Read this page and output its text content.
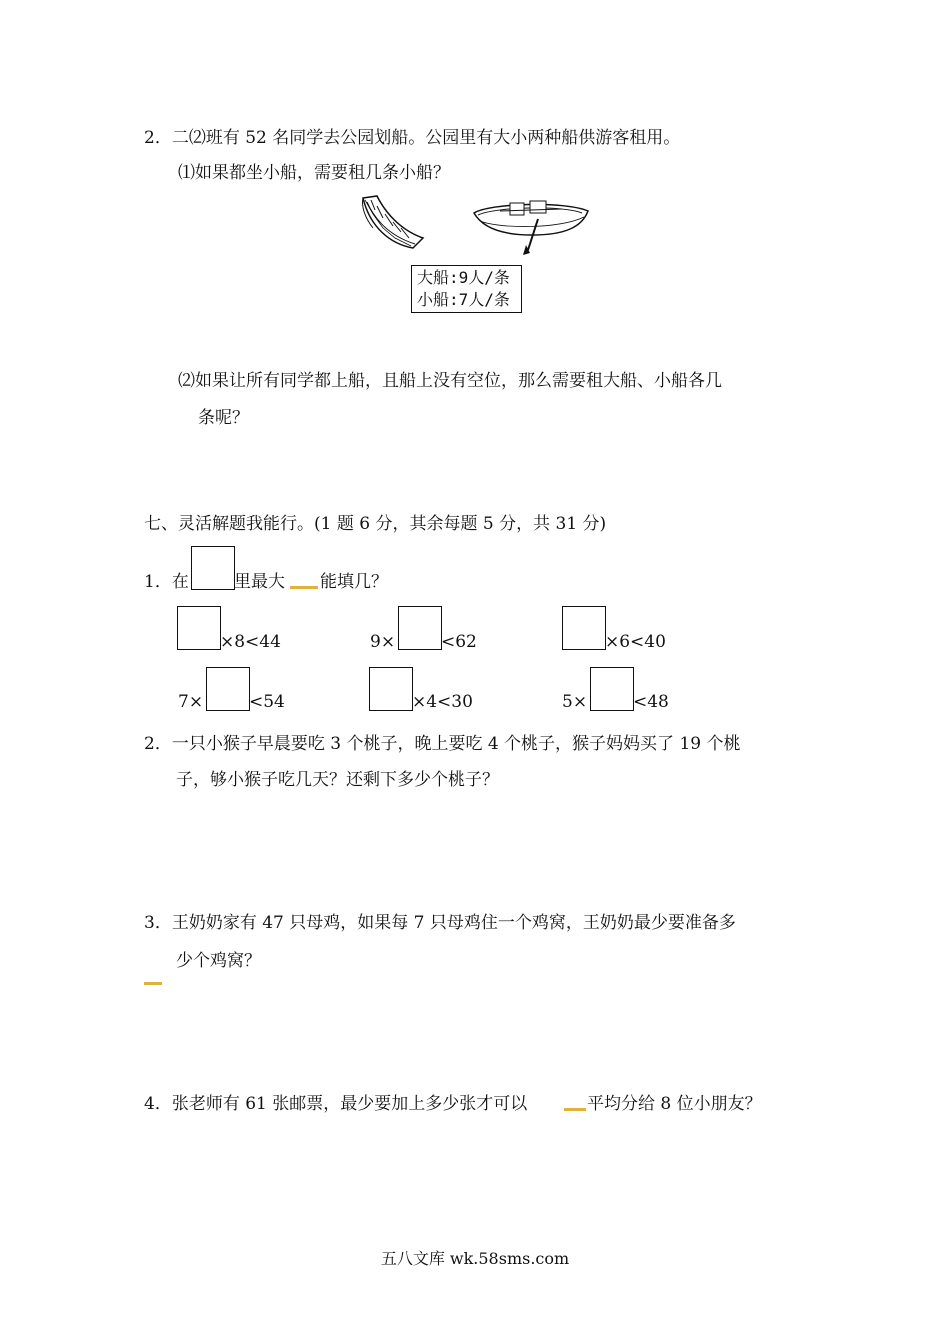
2．二⑵班有 52 名同学去公园划船。公园里有大小两种船供游客租用。
⑴如果都坐小船，需要租几条小船？
大船:9人/条
小船:7人/条
⑵如果让所有同学都上船，且船上没有空位，那么需要租大船、小船各几
条呢？
七、灵活解题我能行。(1 题 6 分，其余每题 5 分，共 31 分)
1．在	里最大 能填几？
×8<44	9×	<62	×6<40
7×	<54	×4<30	5×	<48
2．一只小猴子早晨要吃 3 个桃子，晚上要吃 4 个桃子，猴子妈妈买了 19 个桃
子，够小猴子吃几天？还剩下多少个桃子？
3．王奶奶家有 47 只母鸡，如果每 7 只母鸡住一个鸡窝，王奶奶最少要准备多
少个鸡窝？
4．张老师有 61 张邮票，最少要加上多少张才可以	平均分给 8 位小朋友？
五八文库 wk.58sms.com
